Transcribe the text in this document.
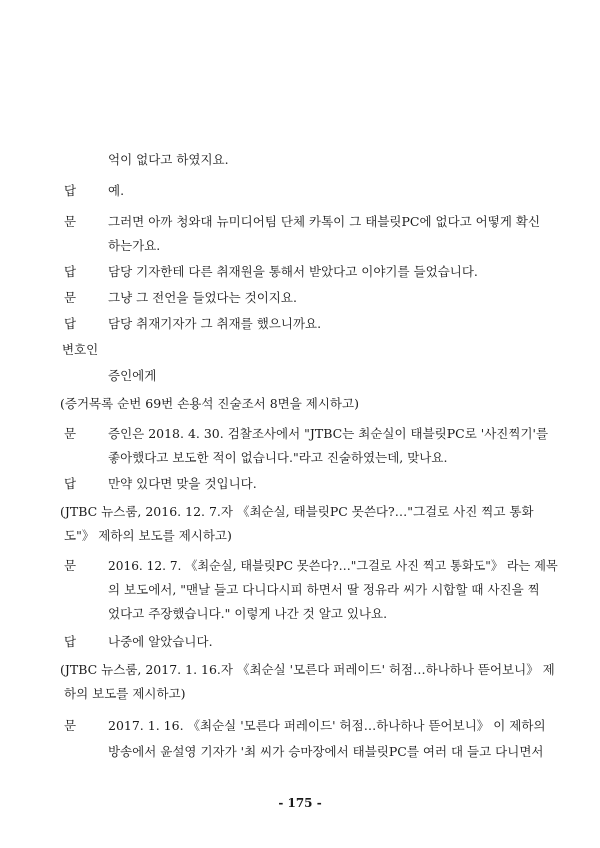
억이 없다고 하였지요.
답	예.
문	그러면 아까 청와대 뉴미디어팀 단체 카톡이 그 태블릿PC에 없다고 어떻게 확신
하는가요.
답	담당 기자한테 다른 취재원을 통해서 받았다고 이야기를 들었습니다.
문	그냥 그 전언을 들었다는 것이지요.
답	담당 취재기자가 그 취재를 했으니까요.
변호인
증인에게
(증거목록 순번 69번 손용석 진술조서 8면을 제시하고)
문	증인은 2018. 4. 30. 검찰조사에서 "JTBC는 최순실이 태블릿PC로 '사진찍기'를
좋아했다고 보도한 적이 없습니다."라고 진술하였는데, 맞나요.
답	만약 있다면 맞을 것입니다.
(JTBC 뉴스룸, 2016. 12. 7.자 《최순실, 태블릿PC 못쓴다?…"그걸로 사진 찍고 통화
도"》 제하의 보도를 제시하고)
문	2016. 12. 7. 《최순실, 태블릿PC 못쓴다?…"그걸로 사진 찍고 통화도"》 라는 제목
의 보도에서, "맨날 들고 다니다시피 하면서 딸 정유라 씨가 시합할 때 사진을 찍
었다고 주장했습니다." 이렇게 나간 것 알고 있나요.
답	나중에 알았습니다.
(JTBC 뉴스룸, 2017. 1. 16.자 《최순실 '모른다 퍼레이드' 허점…하나하나 뜯어보니》 제
하의 보도를 제시하고)
문	2017. 1. 16. 《최순실 '모른다 퍼레이드' 허점…하나하나 뜯어보니》 이 제하의
방송에서 윤설영 기자가 '최 씨가 승마장에서 태블릿PC를 여러 대 들고 다니면서
- 175 -
